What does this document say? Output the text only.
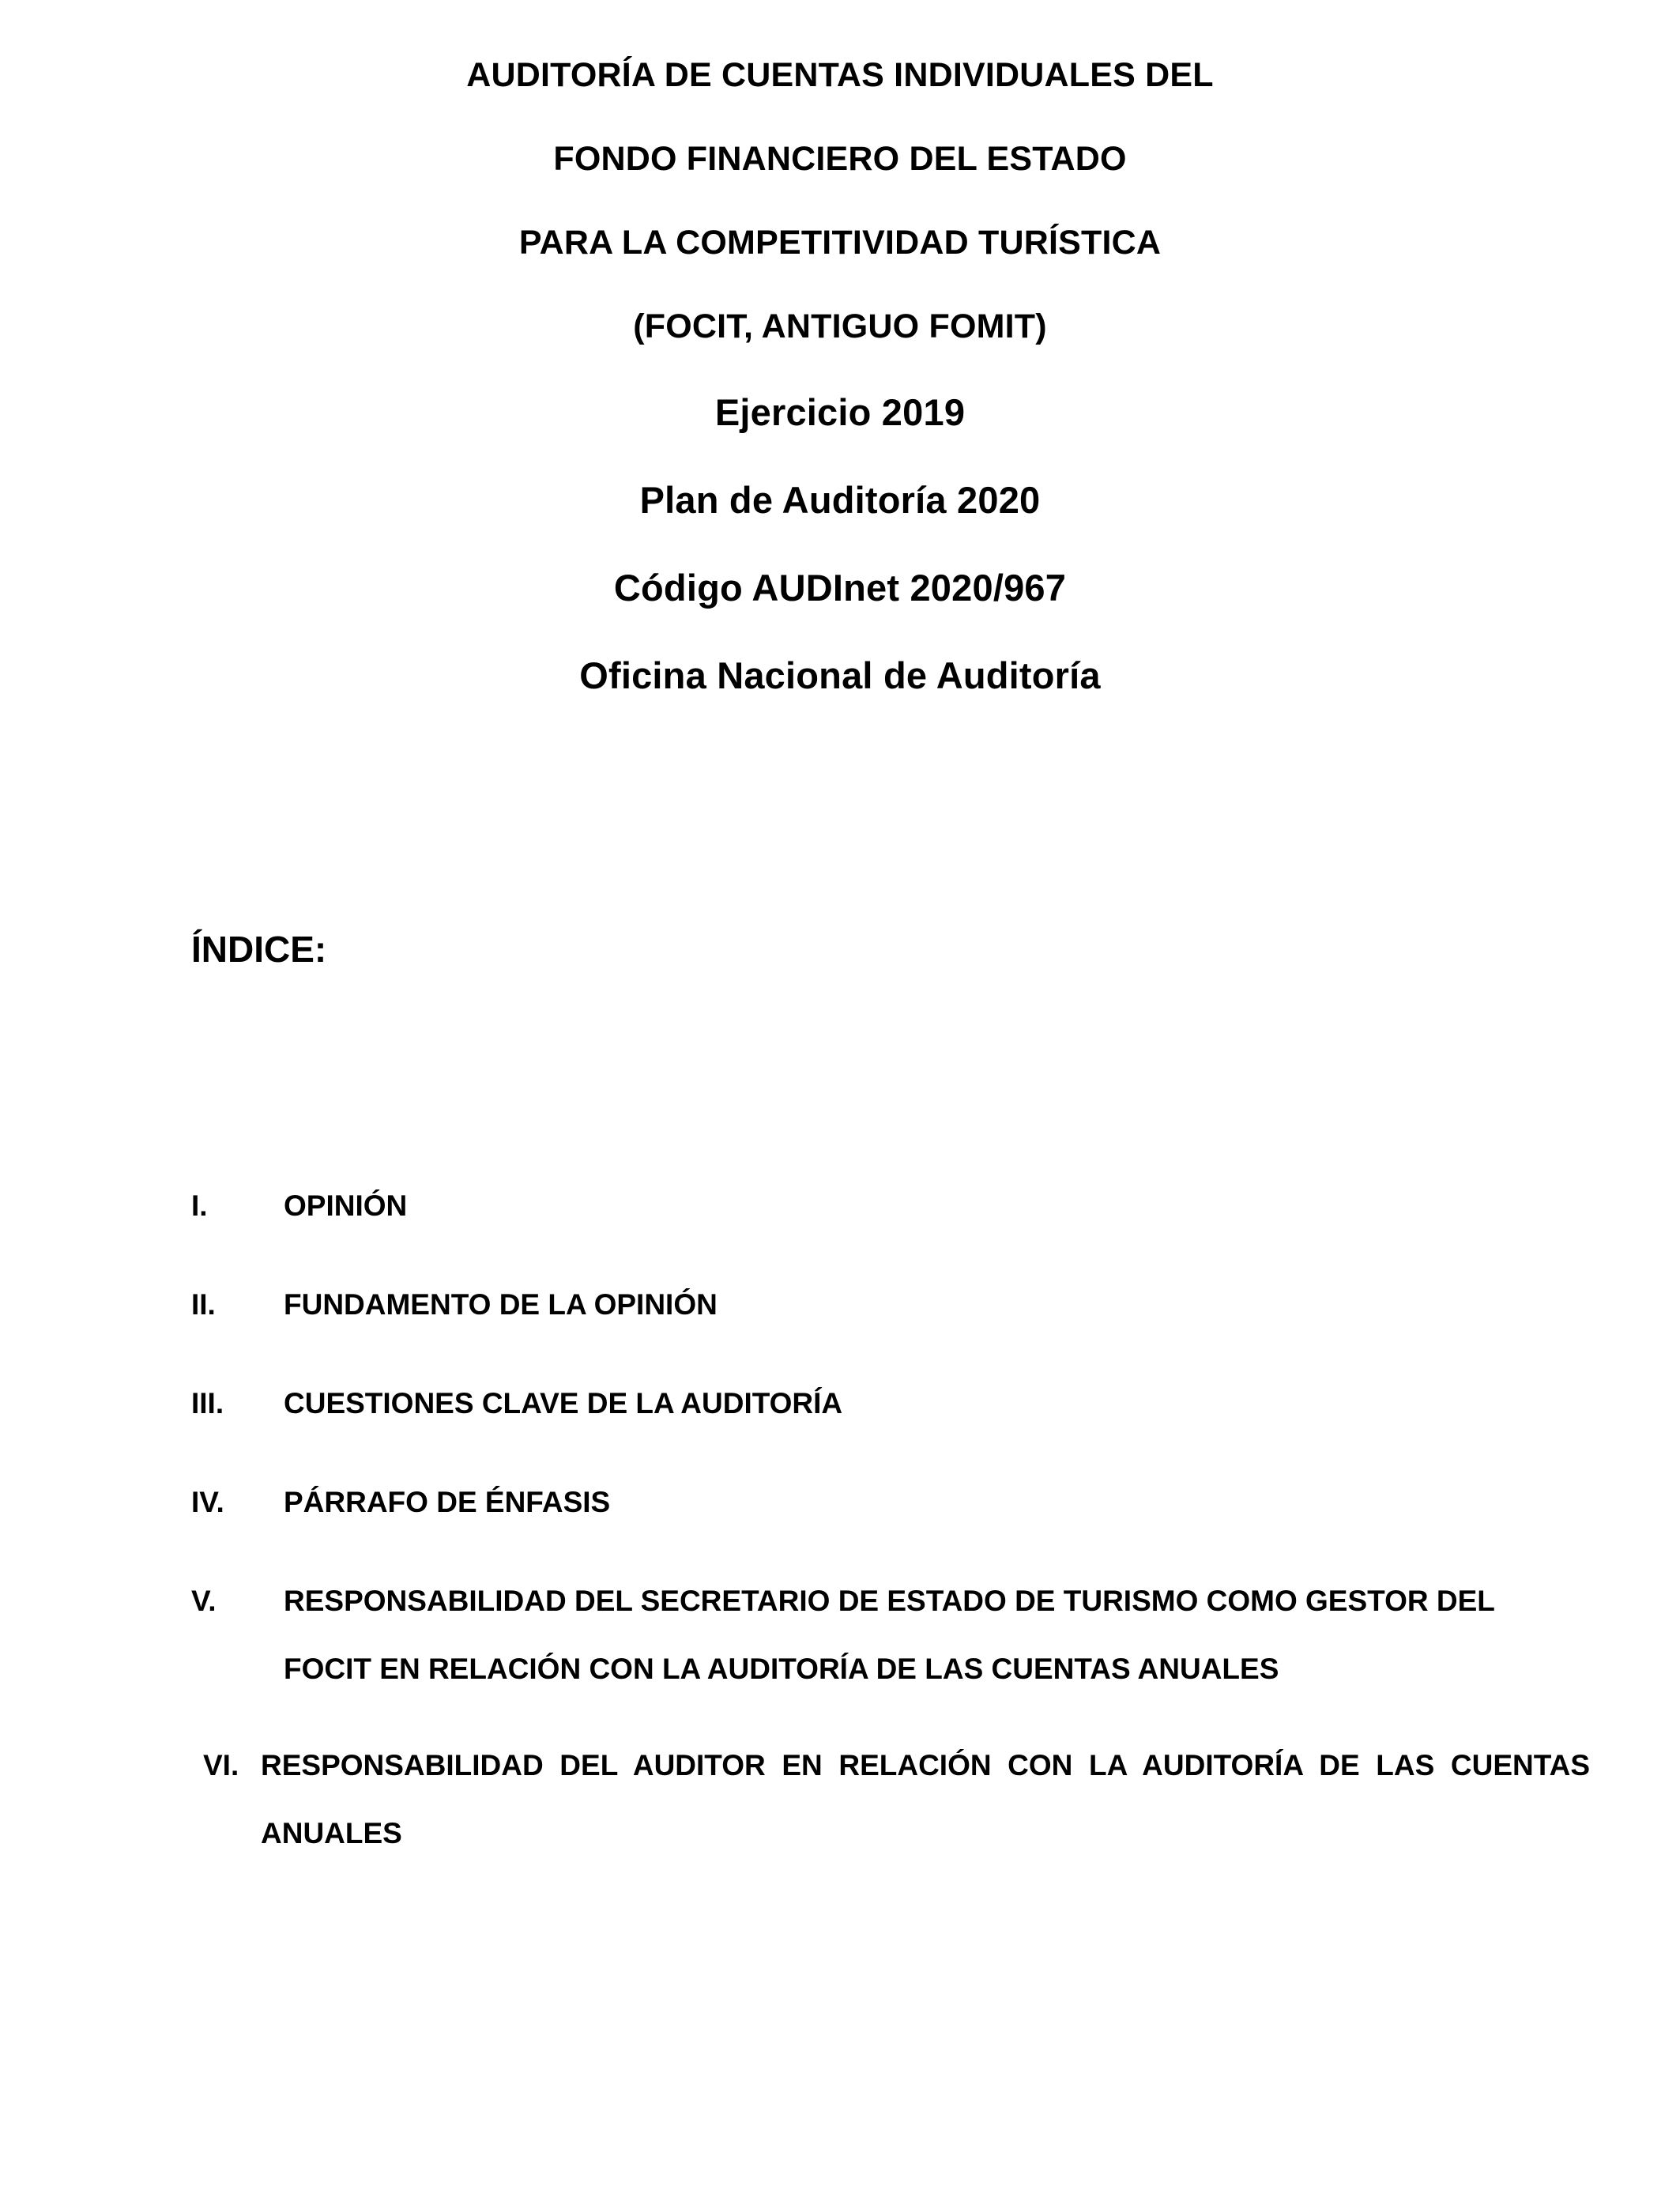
AUDITORÍA DE CUENTAS INDIVIDUALES DEL
FONDO FINANCIERO DEL ESTADO
PARA LA COMPETITIVIDAD TURÍSTICA
(FOCIT, ANTIGUO FOMIT)
Ejercicio 2019
Plan de Auditoría 2020
Código AUDInet 2020/967
Oficina Nacional de Auditoría
ÍNDICE:
I.	OPINIÓN
II.	FUNDAMENTO DE LA OPINIÓN
III.	CUESTIONES CLAVE DE LA AUDITORÍA
IV.	PÁRRAFO DE ÉNFASIS
V.	RESPONSABILIDAD DEL SECRETARIO DE ESTADO DE TURISMO COMO GESTOR DEL FOCIT EN RELACIÓN CON LA AUDITORÍA DE LAS CUENTAS ANUALES
VI. RESPONSABILIDAD DEL AUDITOR EN RELACIÓN CON LA AUDITORÍA DE LAS CUENTAS ANUALES
